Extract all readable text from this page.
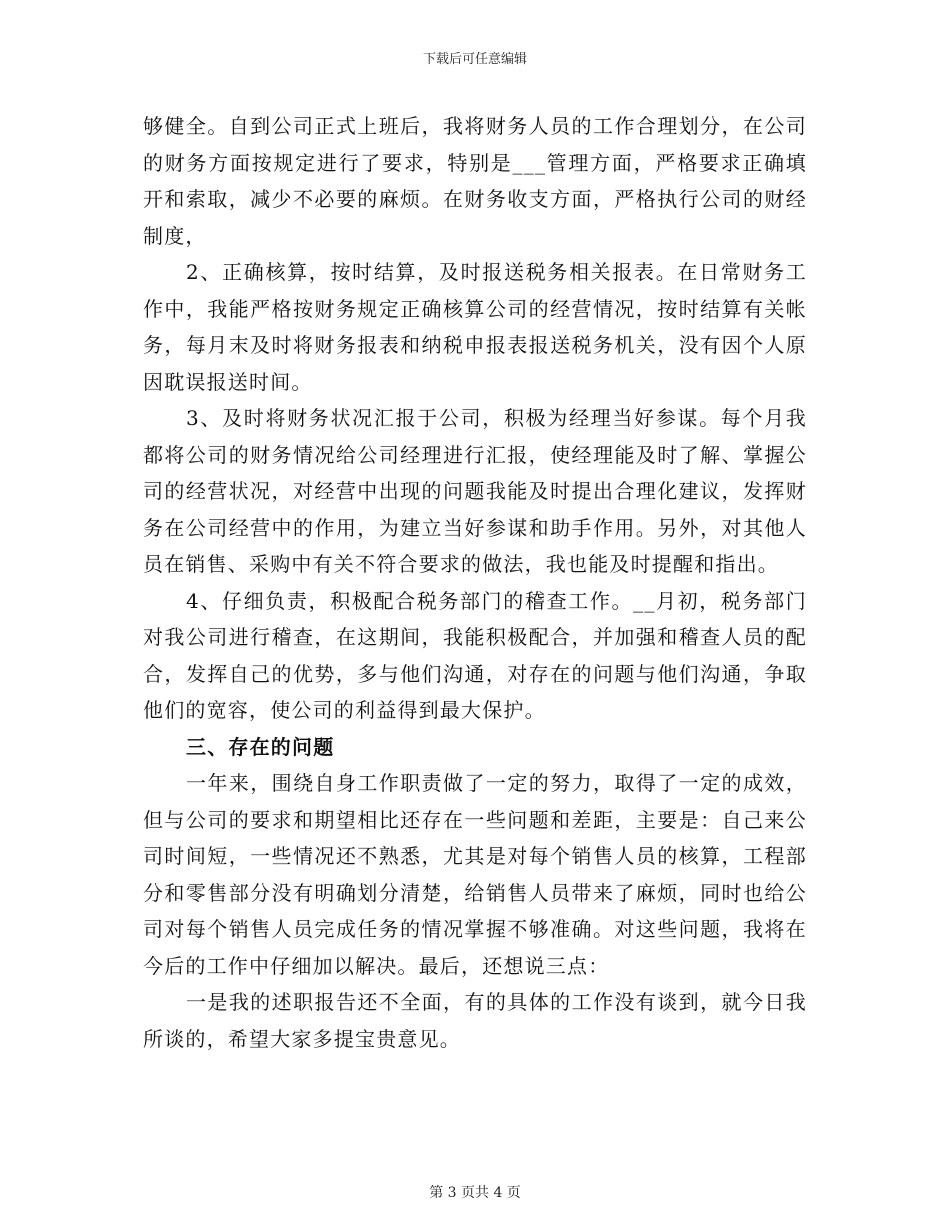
下载后可任意编辑

够健全。自到公司正式上班后，我将财务人员的工作合理划分，在公司的财务方面按规定进行了要求，特别是___管理方面，严格要求正确填开和索取，减少不必要的麻烦。在财务收支方面，严格执行公司的财经制度，

2、正确核算，按时结算，及时报送税务相关报表。在日常财务工作中，我能严格按财务规定正确核算公司的经营情况，按时结算有关帐务，每月末及时将财务报表和纳税申报表报送税务机关，没有因个人原因耽误报送时间。

3、及时将财务状况汇报于公司，积极为经理当好参谋。每个月我都将公司的财务情况给公司经理进行汇报，使经理能及时了解、掌握公司的经营状况，对经营中出现的问题我能及时提出合理化建议，发挥财务在公司经营中的作用，为建立当好参谋和助手作用。另外，对其他人员在销售、采购中有关不符合要求的做法，我也能及时提醒和指出。

4、仔细负责，积极配合税务部门的稽查工作。__月初，税务部门对我公司进行稽查，在这期间，我能积极配合，并加强和稽查人员的配合，发挥自己的优势，多与他们沟通，对存在的问题与他们沟通，争取他们的宽容，使公司的利益得到最大保护。

三、存在的问题

一年来，围绕自身工作职责做了一定的努力，取得了一定的成效，但与公司的要求和期望相比还存在一些问题和差距，主要是：自己来公司时间短，一些情况还不熟悉，尤其是对每个销售人员的核算，工程部分和零售部分没有明确划分清楚，给销售人员带来了麻烦，同时也给公司对每个销售人员完成任务的情况掌握不够准确。对这些问题，我将在今后的工作中仔细加以解决。最后，还想说三点：

一是我的述职报告还不全面，有的具体的工作没有谈到，就今日我所谈的，希望大家多提宝贵意见。

第 3 页共 4 页
